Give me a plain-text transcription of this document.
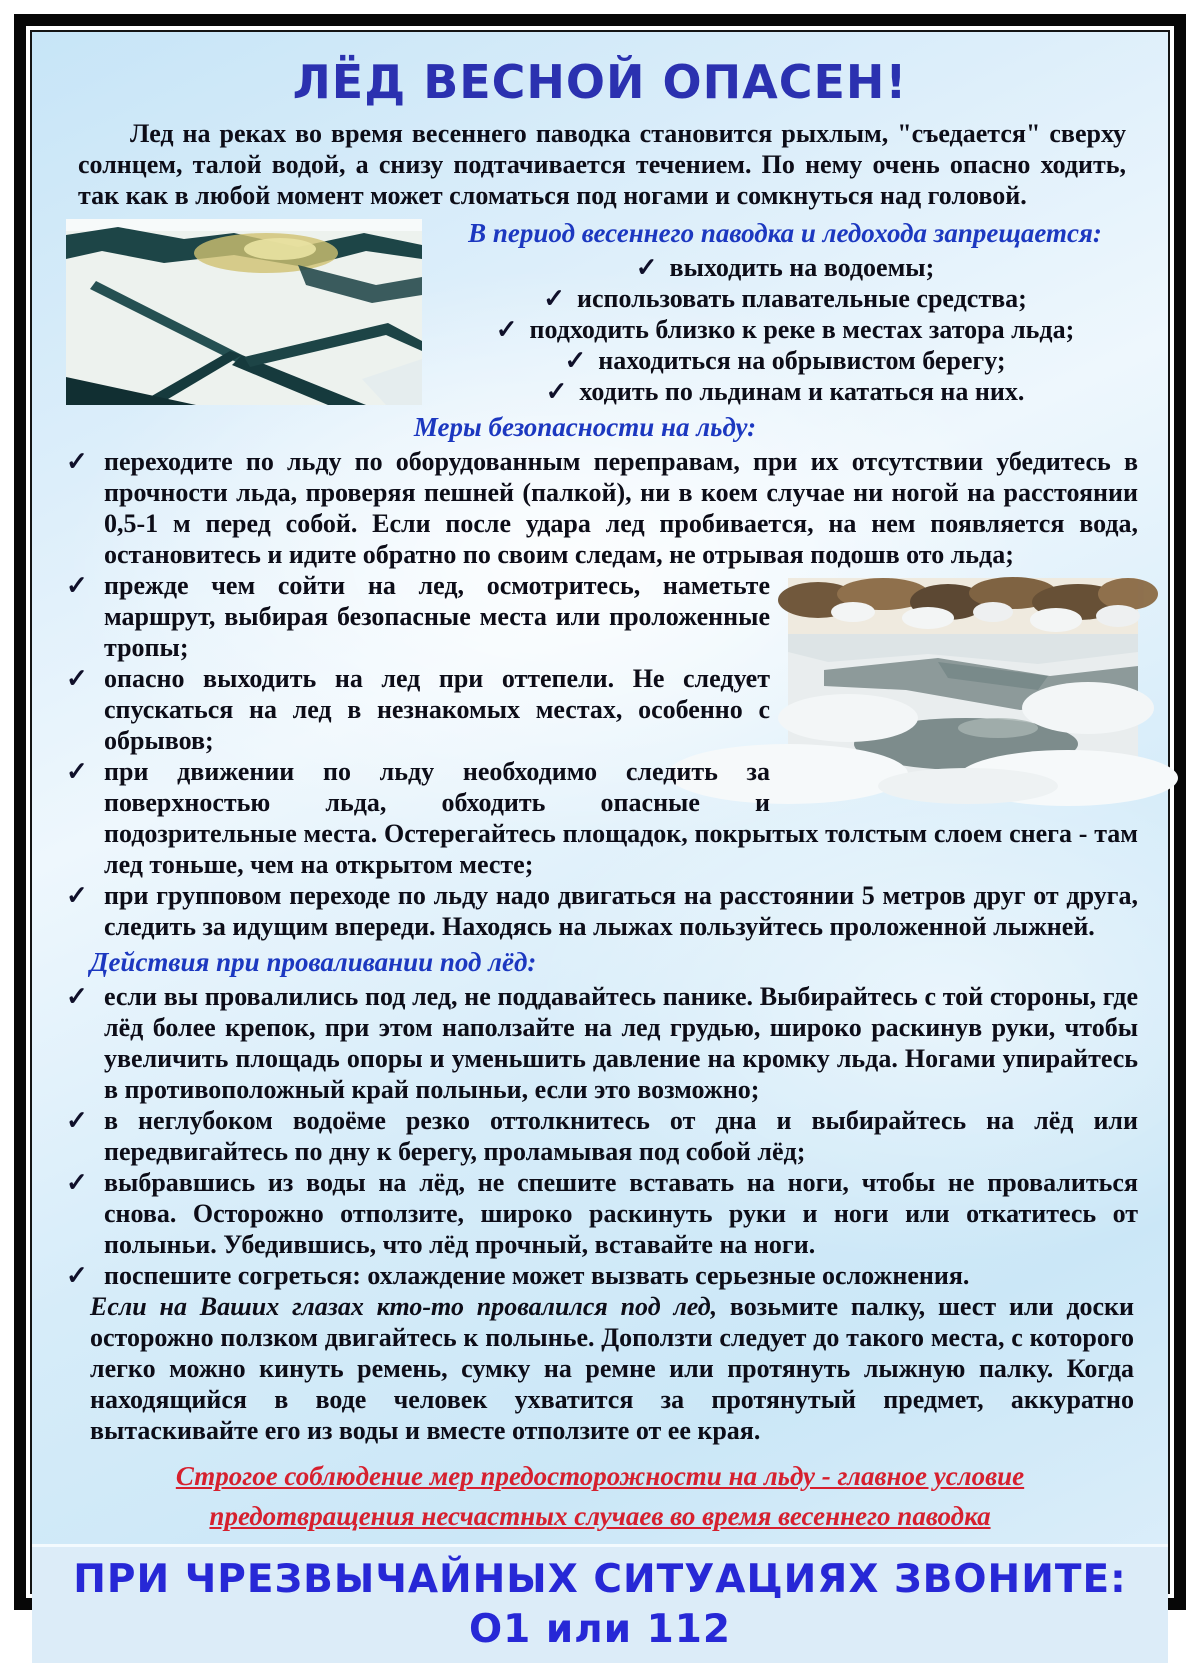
ЛЁД ВЕСНОЙ ОПАСЕН!

Лед на реках во время весеннего паводка становится рыхлым, "съедается" сверху солнцем, талой водой, а снизу подтачивается течением. По нему очень опасно ходить, так как в любой момент может сломаться под ногами и сомкнуться над головой.

В период весеннего паводка и ледохода запрещается:
✓ выходить на водоемы;
✓ использовать плавательные средства;
✓ подходить близко к реке в местах затора льда;
✓ находиться на обрывистом берегу;
✓ ходить по льдинам и кататься на них.
Меры безопасности на льду:

✓ переходите по льду по оборудованным переправам, при их отсутствии убедитесь в прочности льда, проверяя пешней (палкой), ни в коем случае ни ногой на расстоянии 0,5-1 м перед собой. Если после удара лед пробивается, на нем появляется вода, остановитесь и идите обратно по своим следам, не отрывая подошв ото льда;

✓ прежде чем сойти на лед, осмотритесь, наметьте маршрут, выбирая безопасные места или проложенные тропы;

✓ опасно выходить на лед при оттепели. Не следует спускаться на лед в незнакомых местах, особенно с обрывов;

✓ при движении по льду необходимо следить за поверхностью льда, обходить опасные и подозрительные места. Остерегайтесь площадок, покрытых толстым слоем снега - там лед тоньше, чем на открытом месте;

✓ при групповом переходе по льду надо двигаться на расстоянии 5 метров друг от друга, следить за идущим впереди. Находясь на лыжах пользуйтесь проложенной лыжней.

Действия при проваливании под лёд:

✓ если вы провалились под лед, не поддавайтесь панике. Выбирайтесь с той стороны, где лёд более крепок, при этом наползайте на лед грудью, широко раскинув руки, чтобы увеличить площадь опоры и уменьшить давление на кромку льда. Ногами упирайтесь в противоположный край полыньи, если это возможно;

✓ в неглубоком водоёме резко оттолкнитесь от дна и выбирайтесь на лёд или передвигайтесь по дну к берегу, проламывая под собой лёд;

✓ выбравшись из воды на лёд, не спешите вставать на ноги, чтобы не провалиться снова. Осторожно отползите, широко раскинуть руки и ноги или откатитесь от полыньи. Убедившись, что лёд прочный, вставайте на ноги.

✓ поспешите согреться: охлаждение может вызвать серьезные осложнения.

Если на Ваших глазах кто-то провалился под лед, возьмите палку, шест или доски осторожно ползком двигайтесь к полынье. Доползти следует до такого места, с которого легко можно кинуть ремень, сумку на ремне или протянуть лыжную палку. Когда находящийся в воде человек ухватится за протянутый предмет, аккуратно вытаскивайте его из воды и вместе отползите от ее края.

Строгое соблюдение мер предосторожности на льду - главное условие предотвращения несчастных случаев во время весеннего паводка

ПРИ ЧРЕЗВЫЧАЙНЫХ СИТУАЦИЯХ ЗВОНИТЕ:
О1 или 112
